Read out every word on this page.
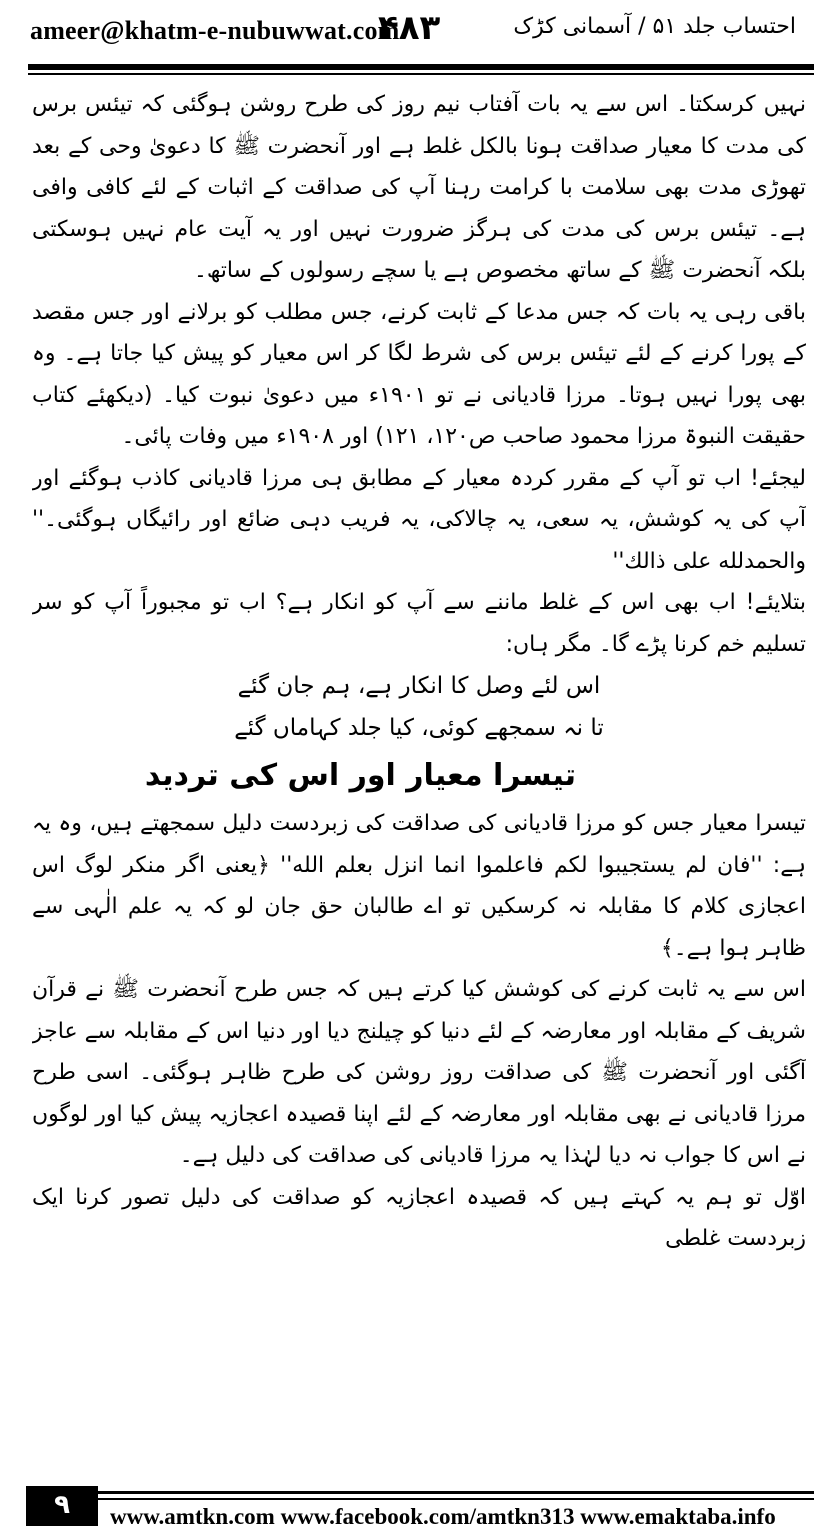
ameer@khatm-e-nubuwwat.com
۴۸۳	احتساب جلد ۵۱ / آسمانی کڑک

نہیں کرسکتا۔ اس سے یہ بات آفتاب نیم روز کی طرح روشن ہوگئی کہ تیئس برس کی مدت کا معیار صداقت ہونا بالکل غلط ہے اور آنحضرت ﷺ کا دعویٰ وحی کے بعد تھوڑی مدت بھی سلامت با کرامت رہنا آپ کی صداقت کے اثبات کے لئے کافی وافی ہے۔ تیئس برس کی مدت کی ہرگز ضرورت نہیں اور یہ آیت عام نہیں ہوسکتی بلکہ آنحضرت ﷺ کے ساتھ مخصوص ہے یا سچے رسولوں کے ساتھ۔

باقی رہی یہ بات کہ جس مدعا کے ثابت کرنے، جس مطلب کو برلانے اور جس مقصد کے پورا کرنے کے لئے تیئس برس کی شرط لگا کر اس معیار کو پیش کیا جاتا ہے۔ وہ بھی پورا نہیں ہوتا۔ مرزا قادیانی نے تو ۱۹۰۱ء میں دعویٰ نبوت کیا۔ (دیکھئے کتاب حقیقت النبوۃ مرزا محمود صاحب ص۱۲۰، ۱۲۱) اور ۱۹۰۸ء میں وفات پائی۔

لیجئے! اب تو آپ کے مقرر کردہ معیار کے مطابق ہی مرزا قادیانی کاذب ہوگئے اور آپ کی یہ کوشش، یہ سعی، یہ چالاکی، یہ فریب دہی ضائع اور رائیگاں ہوگئی۔'' والحمدلله علی ذالك''

بتلایئے! اب بھی اس کے غلط ماننے سے آپ کو انکار ہے؟ اب تو مجبوراً آپ کو سر تسلیم خم کرنا پڑے گا۔ مگر ہاں:

اس لئے وصل کا انکار ہے، ہم جان گئے
تا نہ سمجھے کوئی، کیا جلد کہاماں گئے
تیسرا معیار اور اس کی تردید

تیسرا معیار جس کو مرزا قادیانی کی صداقت کی زبردست دلیل سمجھتے ہیں، وہ یہ ہے: ''فان لم یستجیبوا لکم فاعلموا انما انزل بعلم الله'' ﴿یعنی اگر منکر لوگ اس اعجازی کلام کا مقابلہ نہ کرسکیں تو اے طالبان حق جان لو کہ یہ علم الٰہی سے ظاہر ہوا ہے۔﴾

اس سے یہ ثابت کرنے کی کوشش کیا کرتے ہیں کہ جس طرح آنحضرت ﷺ نے قرآن شریف کے مقابلہ اور معارضہ کے لئے دنیا کو چیلنج دیا اور دنیا اس کے مقابلہ سے عاجز آگئی اور آنحضرت ﷺ کی صداقت روز روشن کی طرح ظاہر ہوگئی۔ اسی طرح مرزا قادیانی نے بھی مقابلہ اور معارضہ کے لئے اپنا قصیدہ اعجازیہ پیش کیا اور لوگوں نے اس کا جواب نہ دیا لہٰذا یہ مرزا قادیانی کی صداقت کی دلیل ہے۔

اوّل تو ہم یہ کہتے ہیں کہ قصیدہ اعجازیہ کو صداقت کی دلیل تصور کرنا ایک زبردست غلطی

۹	www.amtkn.com www.facebook.com/amtkn313 www.emaktaba.info
